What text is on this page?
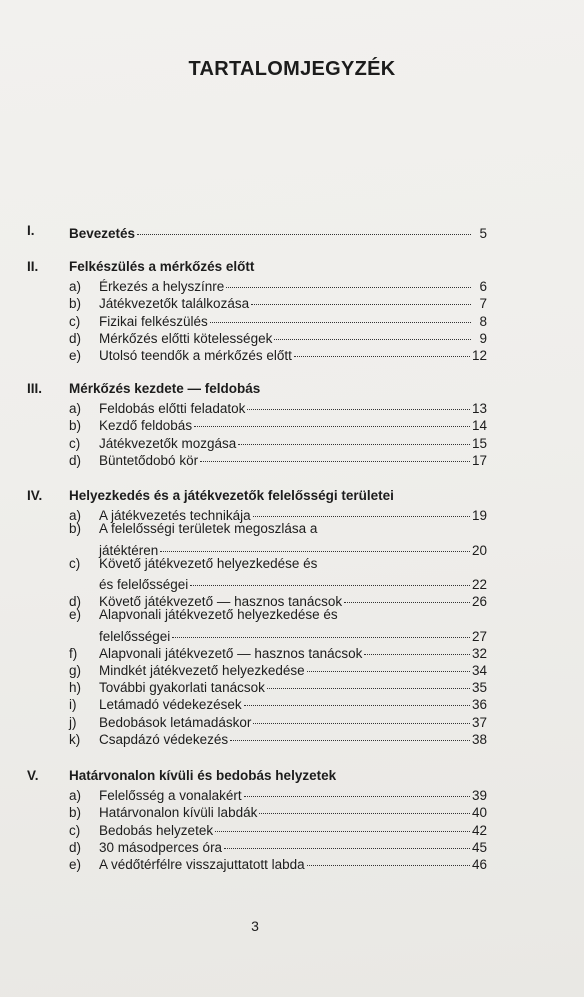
TARTALOMJEGYZÉK
I.	Bevezetés	5
II. Felkészülés a mérkőzés előtt
a)	Érkezés a helyszínre	6
b)	Játékvezetők találkozása	7
c)	Fizikai felkészülés	8
d)	Mérkőzés előtti kötelességek	9
e)	Utolsó teendők a mérkőzés előtt	12
III. Mérkőzés kezdete — feldobás
a)	Feldobás előtti feladatok	13
b)	Kezdő feldobás	14
c)	Játékvezetők mozgása	15
d)	Büntetődobó kör	17
IV. Helyezkedés és a játékvezetők felelősségi területei
a)	A játékvezetés technikája	19
b)	A felelősségi területek megoszlása a
játéktéren	20
c)	Követő játékvezető helyezkedése és
és felelősségei	22
d)	Követő játékvezető — hasznos tanácsok	26
e)	Alapvonali játékvezető helyezkedése és
felelősségei	27
f)	Alapvonali játékvezető — hasznos tanácsok	32
g)	Mindkét játékvezető helyezkedése	34
h)	További gyakorlati tanácsok	35
i)	Letámadó védekezések	36
j)	Bedobások letámadáskor	37
k)	Csapdázó védekezés	38
V. Határvonalon kívüli és bedobás helyzetek
a)	Felelősség a vonalakért	39
b)	Határvonalon kívüli labdák	40
c)	Bedobás helyzetek	42
d)	30 másodperces óra	45
e)	A védőtérfélre visszajuttatott labda	46
3
